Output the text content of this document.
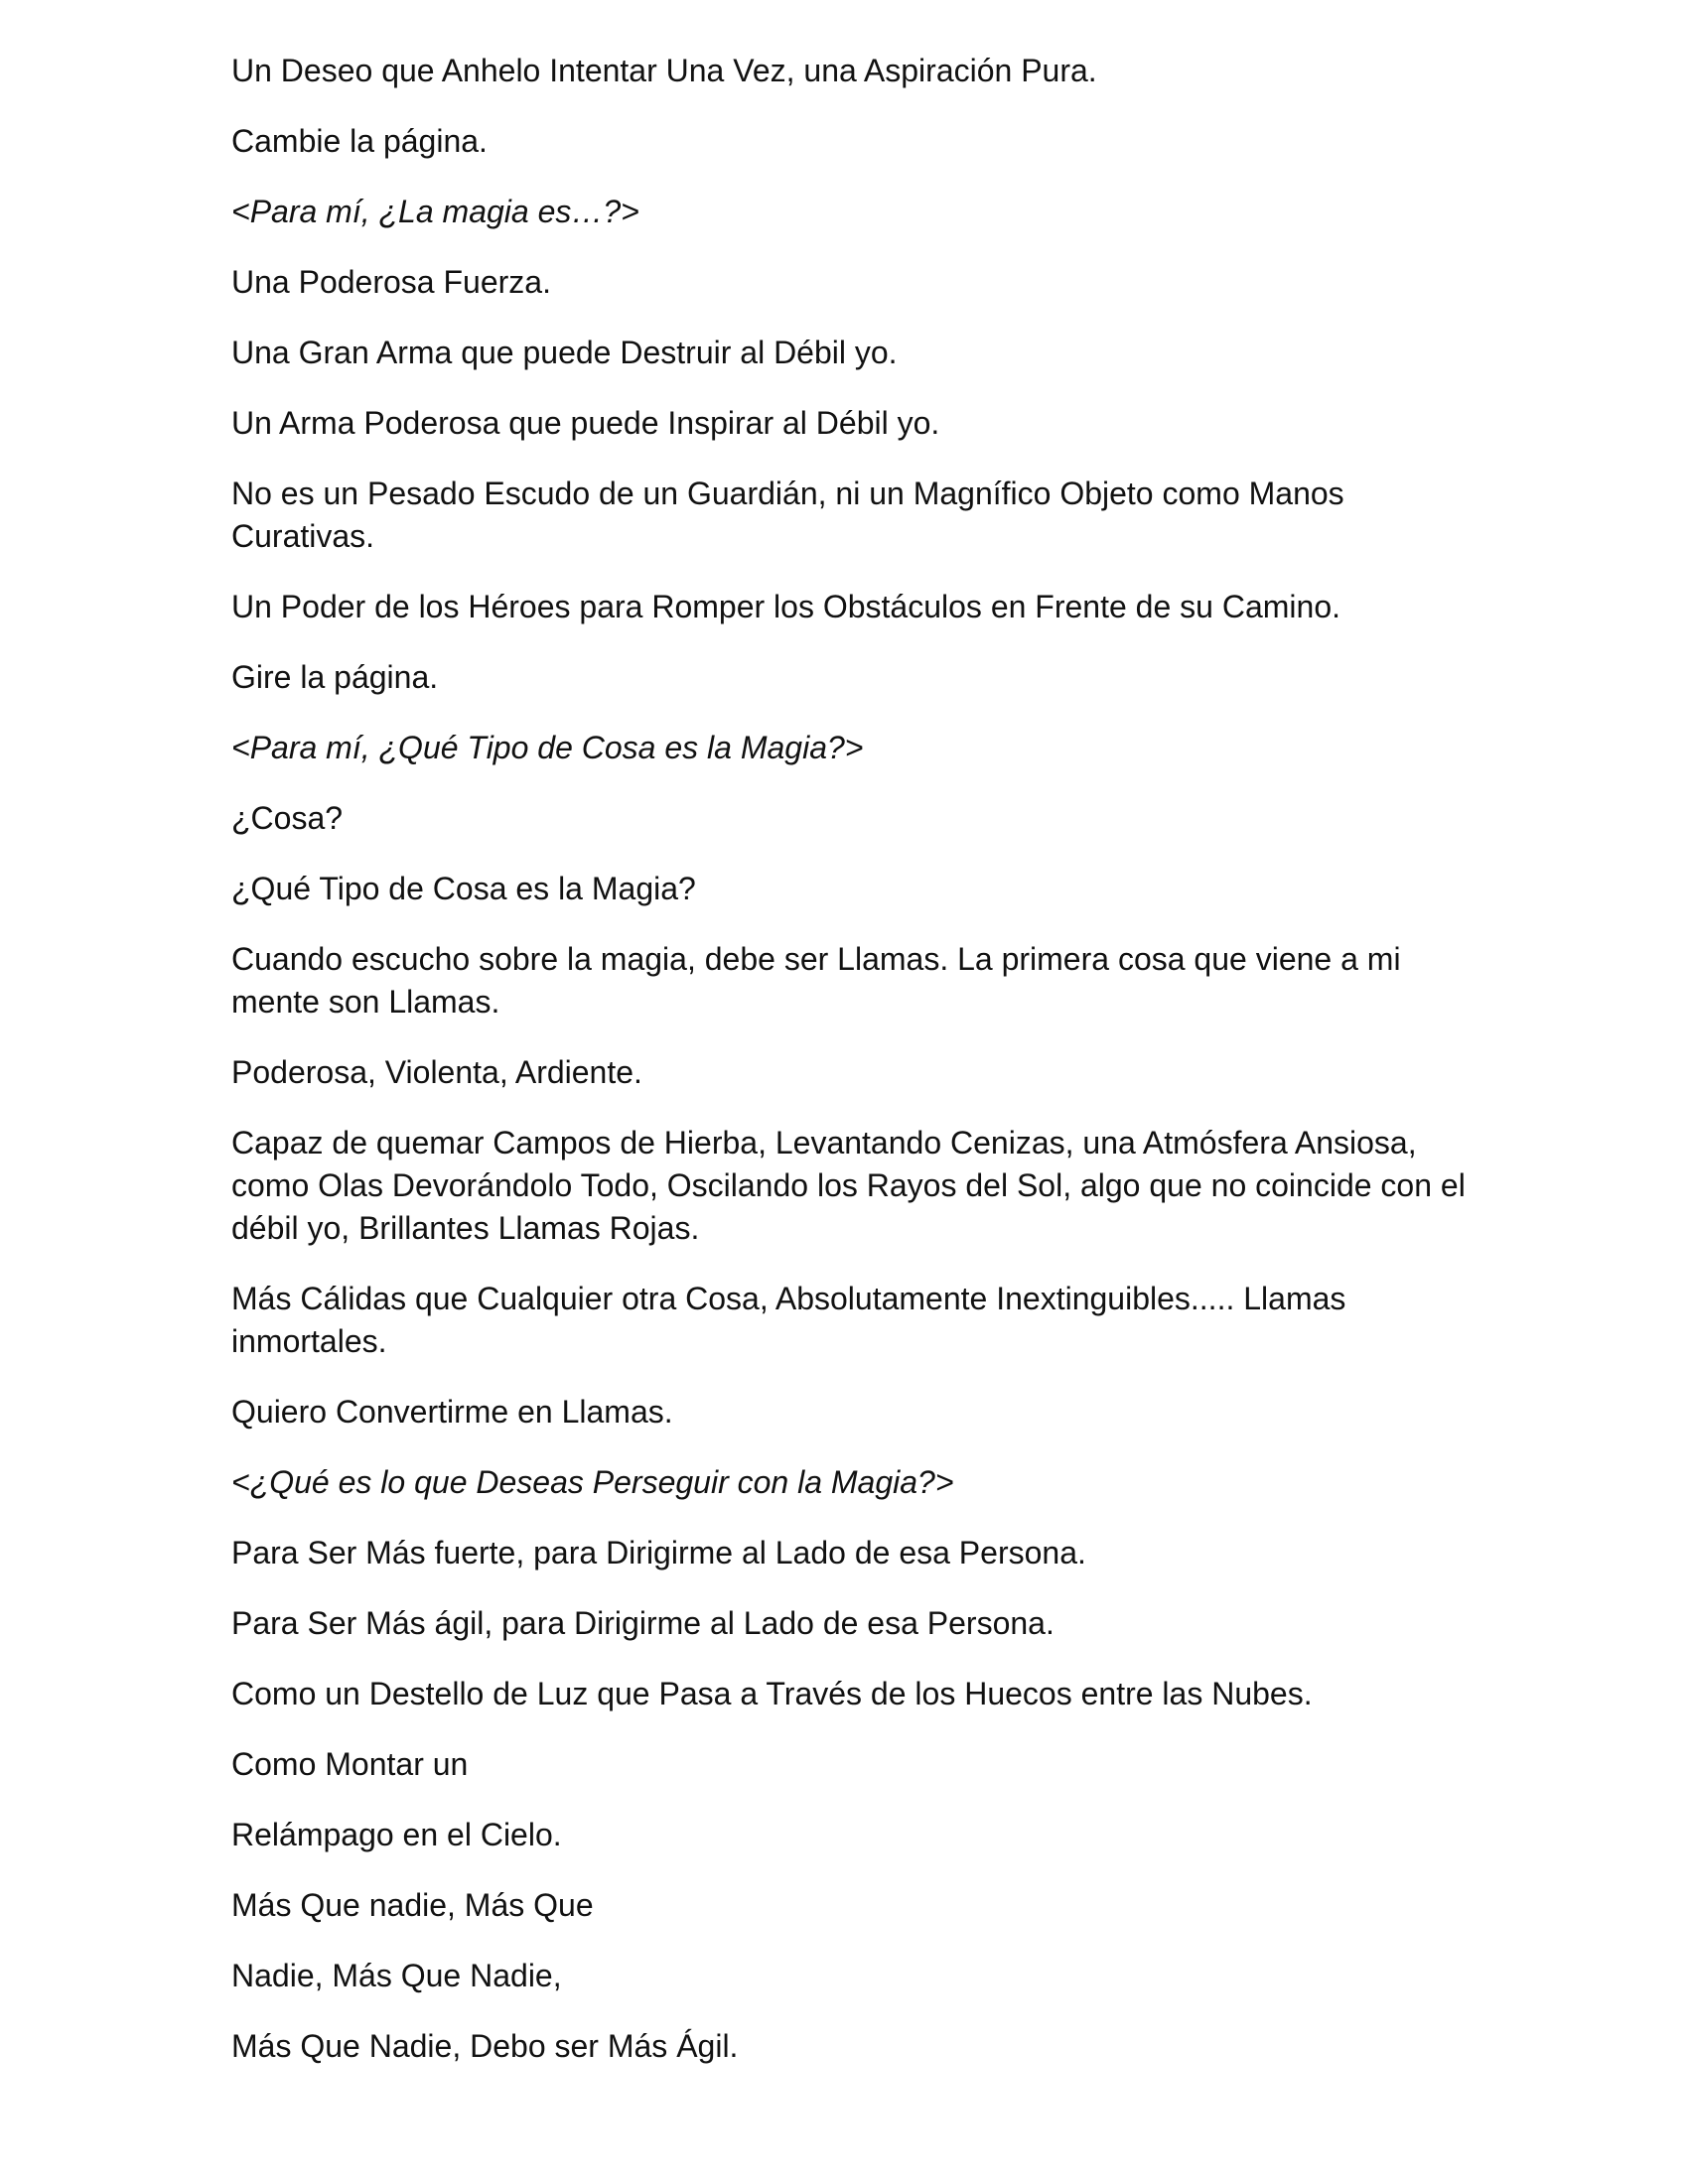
Un Deseo que Anhelo Intentar Una Vez, una Aspiración Pura.

Cambie la página.

<Para mí, ¿La magia es…?>

Una Poderosa Fuerza.

Una Gran Arma que puede Destruir al Débil yo.

Un Arma Poderosa que puede Inspirar al Débil yo.

No es un Pesado Escudo de un Guardián, ni un Magnífico Objeto como Manos Curativas.

Un Poder de los Héroes para Romper los Obstáculos en Frente de su Camino.

Gire la página.

<Para mí, ¿Qué Tipo de Cosa es la Magia?>

¿Cosa?

¿Qué Tipo de Cosa es la Magia?

Cuando escucho sobre la magia, debe ser Llamas. La primera cosa que viene a mi mente son Llamas.

Poderosa, Violenta, Ardiente.

Capaz de quemar Campos de Hierba, Levantando Cenizas, una Atmósfera Ansiosa, como Olas Devorándolo Todo, Oscilando los Rayos del Sol, algo que no coincide con el débil yo, Brillantes Llamas Rojas.

Más Cálidas que Cualquier otra Cosa, Absolutamente Inextinguibles..... Llamas inmortales.

Quiero Convertirme en Llamas.

<¿Qué es lo que Deseas Perseguir con la Magia?>

Para Ser Más fuerte, para Dirigirme al Lado de esa Persona.

Para Ser Más ágil, para Dirigirme al Lado de esa Persona.

Como un Destello de Luz que Pasa a Través de los Huecos entre las Nubes.

Como Montar un

Relámpago en el Cielo.

Más Que nadie, Más Que

Nadie, Más Que Nadie,

Más Que Nadie, Debo ser Más Ágil.
